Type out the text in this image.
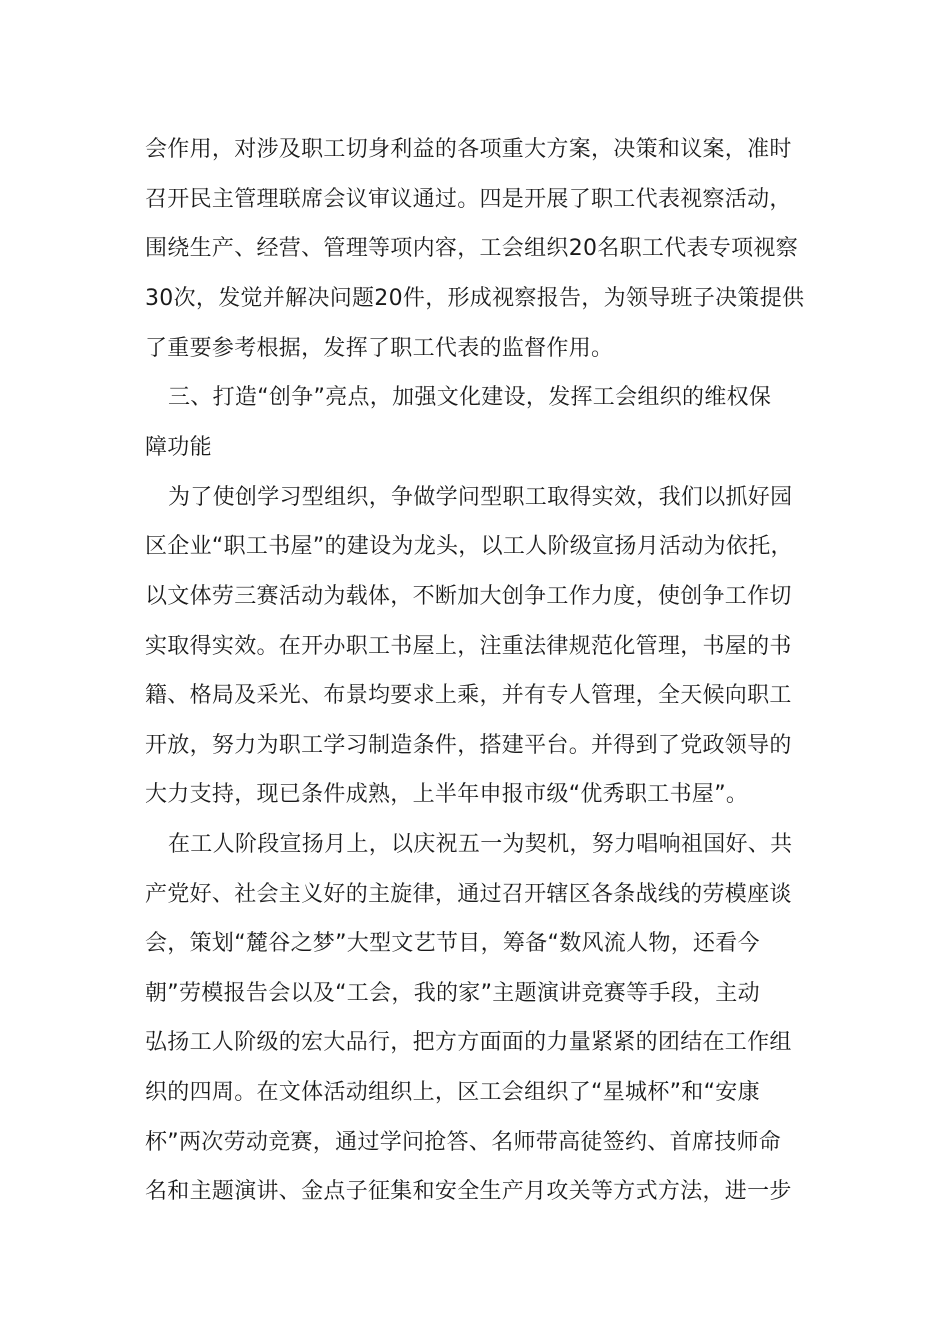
会作用，对涉及职工切身利益的各项重大方案，决策和议案，准时
召开民主管理联席会议审议通过。四是开展了职工代表视察活动，
围绕生产、经营、管理等项内容，工会组织20名职工代表专项视察
30次，发觉并解决问题20件，形成视察报告，为领导班子决策提供
了重要参考根据，发挥了职工代表的监督作用。
三、打造“创争”亮点，加强文化建设，发挥工会组织的维权保
障功能
为了使创学习型组织，争做学问型职工取得实效，我们以抓好园
区企业“职工书屋”的建设为龙头，以工人阶级宣扬月活动为依托，
以文体劳三赛活动为载体，不断加大创争工作力度，使创争工作切
实取得实效。在开办职工书屋上，注重法律规范化管理，书屋的书
籍、格局及采光、布景均要求上乘，并有专人管理，全天候向职工
开放，努力为职工学习制造条件，搭建平台。并得到了党政领导的
大力支持，现已条件成熟，上半年申报市级“优秀职工书屋”。
在工人阶段宣扬月上，以庆祝五一为契机，努力唱响祖国好、共
产党好、社会主义好的主旋律，通过召开辖区各条战线的劳模座谈
会，策划“麓谷之梦”大型文艺节目，筹备“数风流人物，还看今
朝”劳模报告会以及“工会，我的家”主题演讲竞赛等手段，主动
弘扬工人阶级的宏大品行，把方方面面的力量紧紧的团结在工作组
织的四周。在文体活动组织上，区工会组织了“星城杯”和“安康
杯”两次劳动竞赛，通过学问抢答、名师带高徒签约、首席技师命
名和主题演讲、金点子征集和安全生产月攻关等方式方法，进一步
